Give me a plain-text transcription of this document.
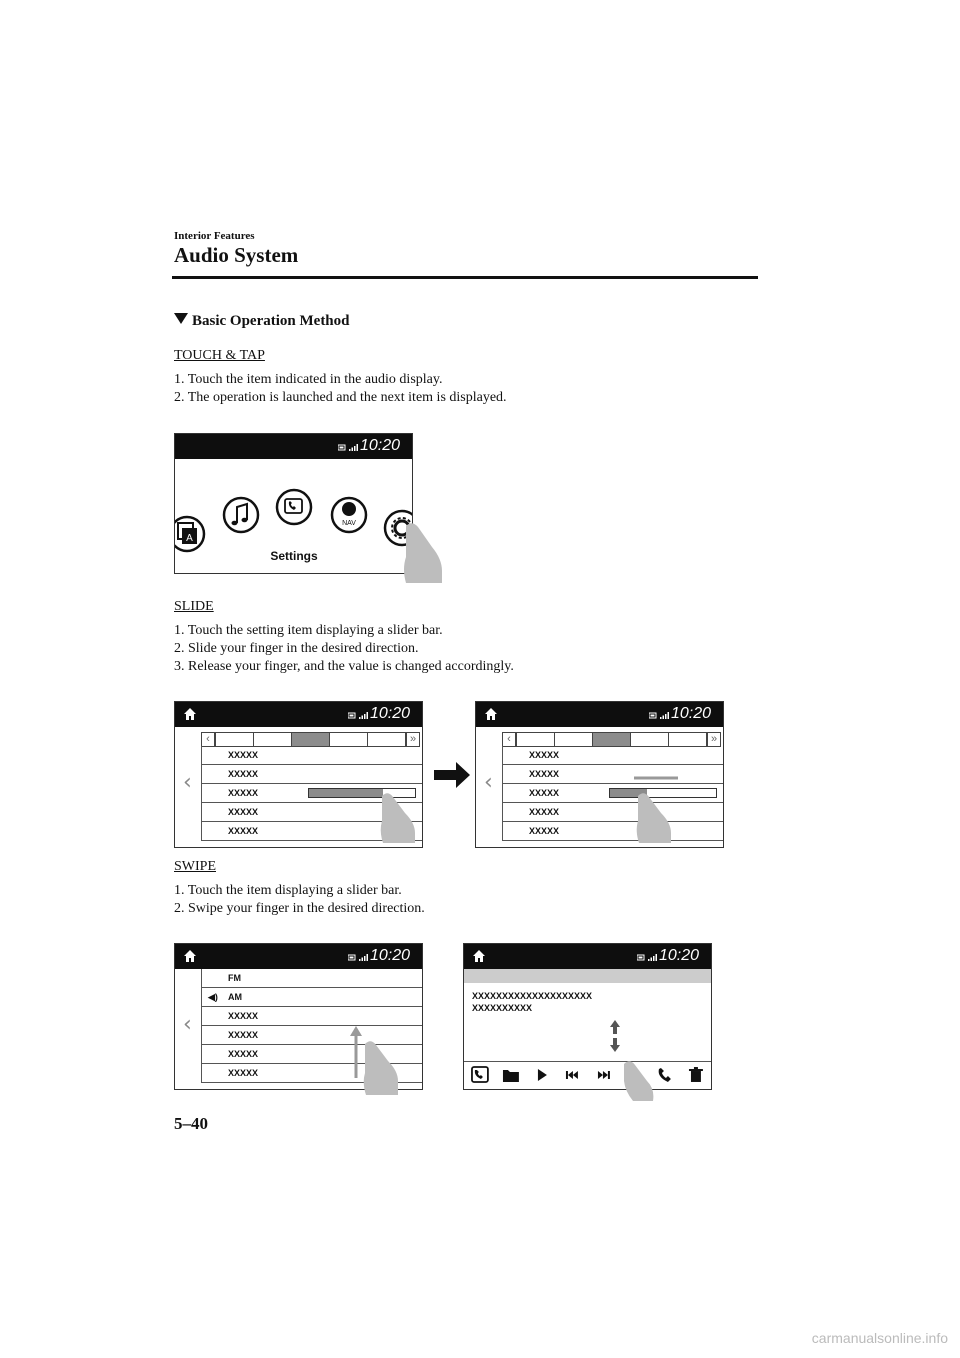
Interior Features
Audio System
Basic Operation Method
TOUCH & TAP
1. Touch the item indicated in the audio display.
2. The operation is launched and the next item is displayed.
10:20
A
NAV
Settings
SLIDE
1. Touch the setting item displaying a slider bar.
2. Slide your finger in the desired direction.
3. Release your finger, and the value is changed accordingly.
10:20
‹	»
‹
XXXXX
XXXXX
XXXXX
XXXXX
XXXXX
10:20
‹	»
‹
XXXXX
XXXXX
XXXXX
XXXXX
XXXXX
SWIPE
1. Touch the item displaying a slider bar.
2. Swipe your finger in the desired direction.
10:20
‹
FM
◀) AM
XXXXX
XXXXX
XXXXX
XXXXX
10:20
XXXXXXXXXXXXXXXXXXXX
XXXXXXXXXX
5–40
carmanualsonline.info
